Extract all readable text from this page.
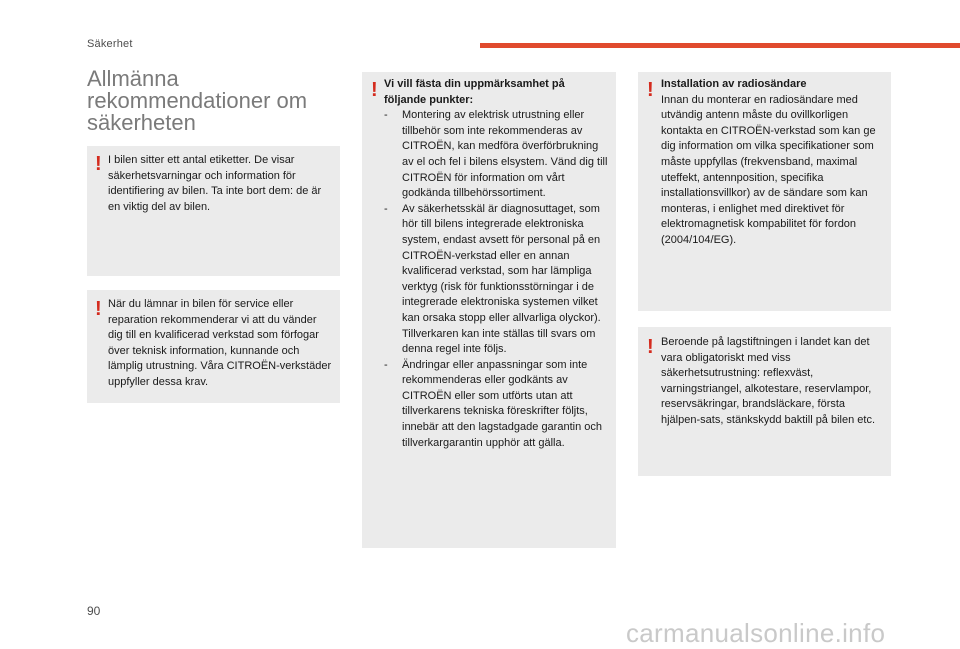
Säkerhet
Allmänna
rekommendationer om
säkerheten
! I bilen sitter ett antal etiketter. De visar säkerhetsvarningar och information för identifiering av bilen. Ta inte bort dem: de är en viktig del av bilen.

! När du lämnar in bilen för service eller reparation rekommenderar vi att du vänder dig till en kvalificerad verkstad som förfogar över teknisk information, kunnande och lämplig utrustning. Våra CITROËN-verkstäder uppfyller dessa krav.

! Vi vill fästa din uppmärksamhet på följande punkter:

- Montering av elektrisk utrustning eller tillbehör som inte rekommenderas av CITROËN, kan medföra överförbrukning av el och fel i bilens elsystem. Vänd dig till CITROËN för information om vårt godkända tillbehörssortiment.
- Av säkerhetsskäl är diagnosuttaget, som hör till bilens integrerade elektroniska system, endast avsett för personal på en CITROËN-verkstad eller en annan kvalificerad verkstad, som har lämpliga verktyg (risk för funktionsstörningar i de integrerade elektroniska systemen vilket kan orsaka stopp eller allvarliga olyckor). Tillverkaren kan inte ställas till svars om denna regel inte följs.
- Ändringar eller anpassningar som inte rekommenderas eller godkänts av CITROËN eller som utförts utan att tillverkarens tekniska föreskrifter följts, innebär att den lagstadgade garantin och tillverkargarantin upphör att gälla.
! Installation av radiosändare

Innan du monterar en radiosändare med utvändig antenn måste du ovillkorligen kontakta en CITROËN-verkstad som kan ge dig information om vilka specifikationer som måste uppfyllas (frekvensband, maximal uteffekt, antennposition, specifika installationsvillkor) av de sändare som kan monteras, i enlighet med direktivet för elektromagnetisk kompabilitet för fordon (2004/104/EG).

! Beroende på lagstiftningen i landet kan det vara obligatoriskt med viss säkerhetsutrustning: reflexväst, varningstriangel, alkotestare, reservlampor, reservsäkringar, brandsläckare, första hjälpen-sats, stänkskydd baktill på bilen etc.

90
carmanualsonline.info
